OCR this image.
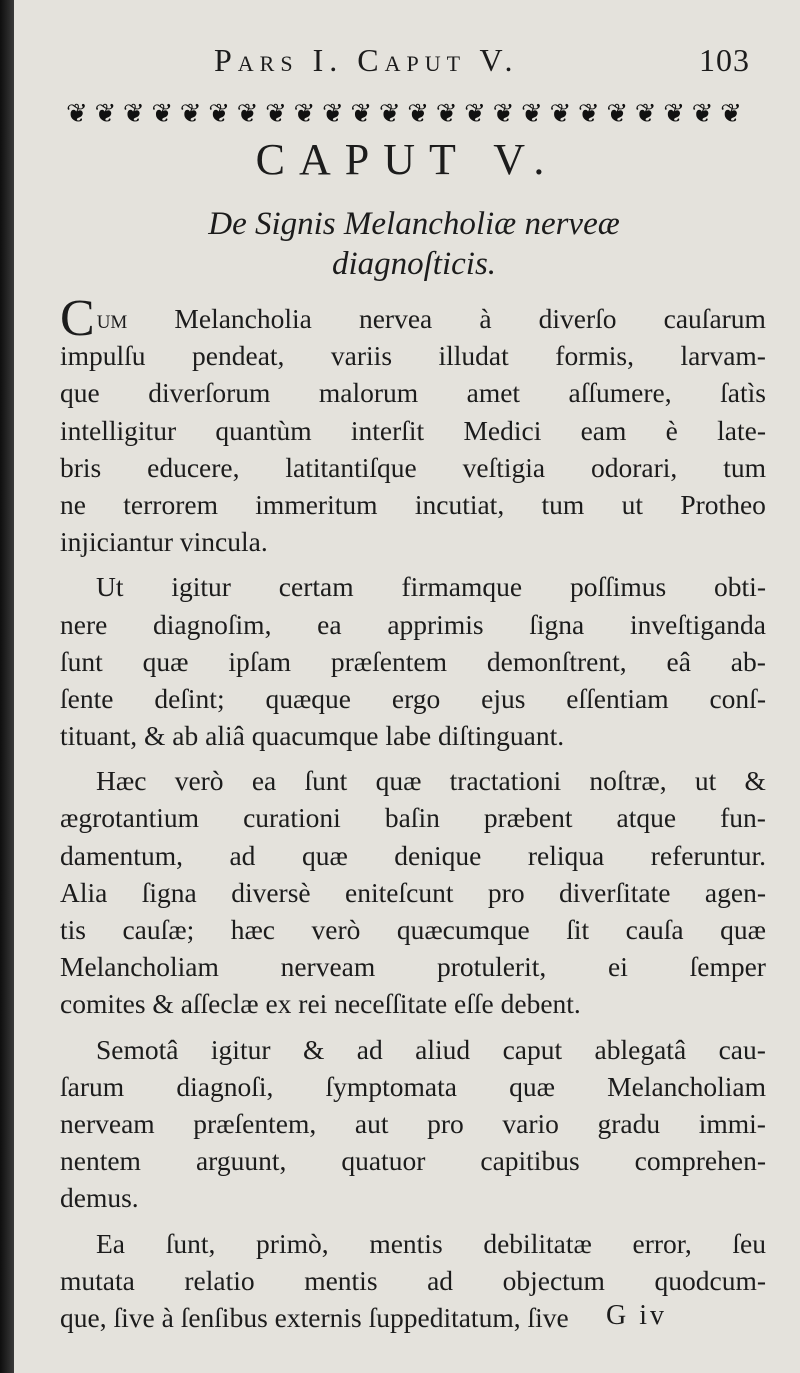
Pars I. Caput V.	103
❦ ❦ ❦ ❦ ❦ ❦ ❦ ❦ ❦ ❦ ❦ ❦ ❦ ❦ ❦ ❦ ❦ ❦ ❦ ❦ ❦ ❦ ❦ ❦
CAPUT V.
De Signis Melancholiæ nerveæ
diagnoſticis.
Cum Melancholia nervea à diverſo cauſarum
impulſu pendeat, variis illudat formis, larvam-
que diverſorum malorum amet aſſumere, ſatìs
intelligitur quantùm interſit Medici eam è late-
bris educere, latitantiſque veſtigia odorari, tum
ne terrorem immeritum incutiat, tum ut Protheo
injiciantur vincula.
Ut igitur certam firmamque poſſimus obti-
nere diagnoſim, ea apprimis ſigna inveſtiganda
ſunt quæ ipſam præſentem demonſtrent, eâ ab-
ſente deſint; quæque ergo ejus eſſentiam conſ-
tituant, & ab aliâ quacumque labe diſtinguant.
Hæc verò ea ſunt quæ tractationi noſtræ, ut &
ægrotantium curationi baſin præbent atque fun-
damentum, ad quæ denique reliqua referuntur.
Alia ſigna diversè eniteſcunt pro diverſitate agen-
tis cauſæ; hæc verò quæcumque ſit cauſa quæ
Melancholiam nerveam protulerit, ei ſemper
comites & aſſeclæ ex rei neceſſitate eſſe debent.
Semotâ igitur & ad aliud caput ablegatâ cau-
ſarum diagnoſi, ſymptomata quæ Melancholiam
nerveam præſentem, aut pro vario gradu immi-
nentem arguunt, quatuor capitibus comprehen-
demus.
Ea ſunt, primò, mentis debilitatæ error, ſeu
mutata relatio mentis ad objectum quodcum-
que, ſive à ſenſibus externis ſuppeditatum, ſive G iv
